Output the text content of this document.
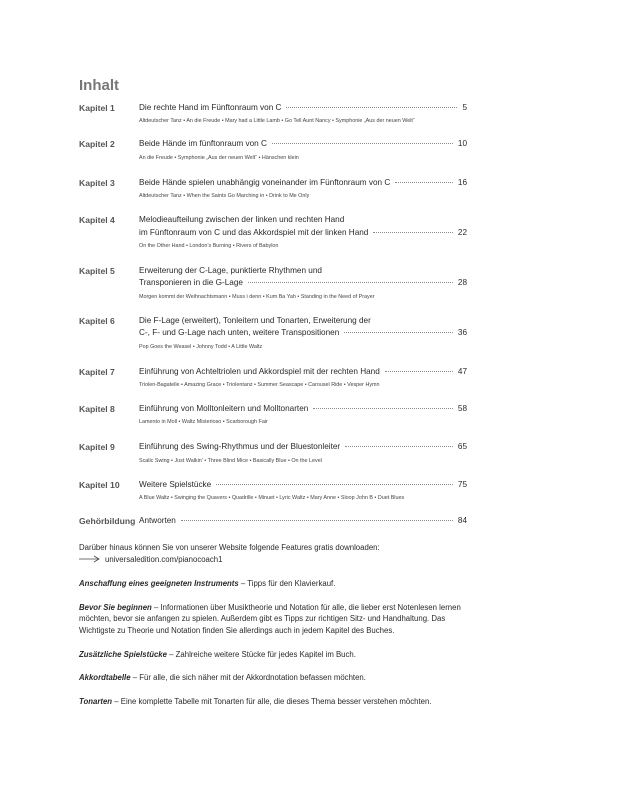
Inhalt
Kapitel 1	Die rechte Hand im Fünftonraum von C	5
Altdeutscher Tanz • An die Freude • Mary had a Little Lamb • Go Tell Aunt Nancy • Symphonie „Aus der neuen Welt“
Kapitel 2	Beide Hände im fünftonraum von C	10
An die Freude • Symphonie „Aus der neuen Welt“ • Hänschen klein
Kapitel 3	Beide Hände spielen unabhängig voneinander im Fünftonraum von C	16
Altdeutscher Tanz • When the Saints Go Marching in • Drink to Me Only
Kapitel 4	Melodieaufteilung zwischen der linken und rechten Hand
im Fünftonraum von C und das Akkordspiel mit der linken Hand	22
On the Other Hand • London’s Burning • Rivers of Babylon
Kapitel 5	Erweiterung der C-Lage, punktierte Rhythmen und
Transponieren in die G-Lage	28
Morgen kommt der Weihnachtsmann • Muss i denn • Kum Ba Yah • Standing in the Need of Prayer
Kapitel 6	Die F-Lage (erweitert), Tonleitern und Tonarten, Erweiterung der
C-, F- und G-Lage nach unten, weitere Transpositionen	36
Pop Goes the Weasel • Johnny Todd • A Little Waltz
Kapitel 7	Einführung von Achteltriolen und Akkordspiel mit der rechten Hand	47
Triolen-Bagatelle • Amazing Grace • Triolentanz • Summer Seascape • Carousel Ride • Vesper Hymn
Kapitel 8	Einführung von Molltonleitern und Molltonarten	58
Lamento in Moll • Waltz Misterioso • Scarborough Fair
Kapitel 9	Einführung des Swing-Rhythmus und der Bluestonleiter	65
Scalic Swing • Just Walkin’ • Three Blind Mice • Basically Blue • On the Level
Kapitel 10	Weitere Spielstücke	75
A Blue Waltz • Swinging the Quavers • Quadrille • Minuet • Lyric Waltz • Mary Anne • Sloop John B • Duet Blues
Gehörbildung Antworten	84

Darüber hinaus können Sie von unserer Website folgende Features gratis downloaden:

universaledition.com/pianocoach1

Anschaffung eines geeigneten Instruments – Tipps für den Klavierkauf.

Bevor Sie beginnen – Informationen über Musiktheorie und Notation für alle, die lieber erst Notenlesen lernen möchten, bevor sie anfangen zu spielen. Außerdem gibt es Tipps zur richtigen Sitz- und Handhaltung. Das Wichtigste zu Theorie und Notation finden Sie allerdings auch in jedem Kapitel des Buches.

Zusätzliche Spielstücke – Zahlreiche weitere Stücke für jedes Kapitel im Buch.

Akkordtabelle – Für alle, die sich näher mit der Akkordnotation befassen möchten.

Tonarten – Eine komplette Tabelle mit Tonarten für alle, die dieses Thema besser verstehen möchten.
